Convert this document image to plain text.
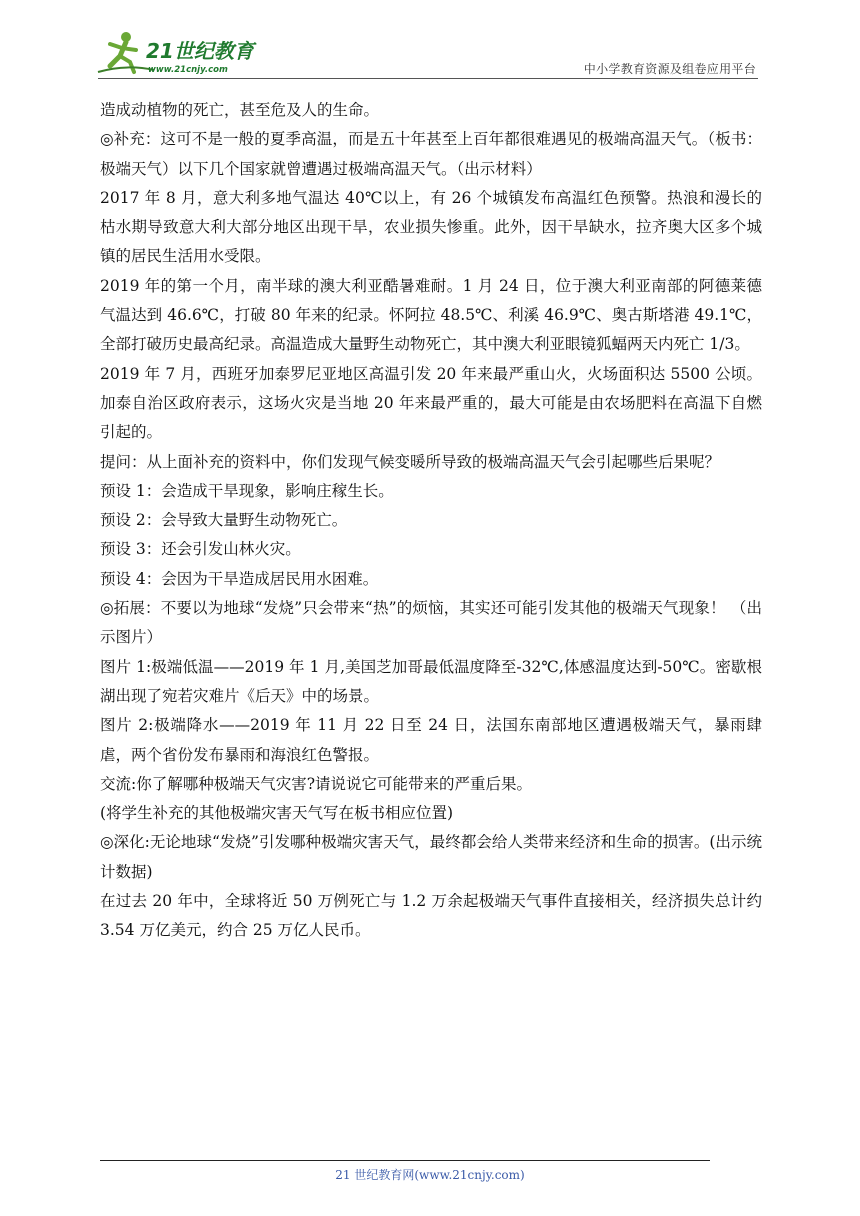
21世纪教育
www.21cnjy.com	中小学教育资源及组卷应用平台

造成动植物的死亡，甚至危及人的生命。

◎补充：这可不是一般的夏季高温，而是五十年甚至上百年都很难遇见的极端高温天气。（板书：极端天气）以下几个国家就曾遭遇过极端高温天气。（出示材料）

2017 年 8 月，意大利多地气温达 40℃以上，有 26 个城镇发布高温红色预警。热浪和漫长的枯水期导致意大利大部分地区出现干旱，农业损失惨重。此外，因干旱缺水，拉齐奥大区多个城镇的居民生活用水受限。

2019 年的第一个月，南半球的澳大利亚酷暑难耐。1 月 24 日，位于澳大利亚南部的阿德莱德气温达到 46.6℃，打破 80 年来的纪录。怀阿拉 48.5℃、利溪 46.9℃、奥古斯塔港 49.1℃，全部打破历史最高纪录。高温造成大量野生动物死亡，其中澳大利亚眼镜狐蝠两天内死亡 1/3。

2019 年 7 月，西班牙加泰罗尼亚地区高温引发 20 年来最严重山火，火场面积达 5500 公顷。加泰自治区政府表示，这场火灾是当地 20 年来最严重的，最大可能是由农场肥料在高温下自燃引起的。

提问：从上面补充的资料中，你们发现气候变暖所导致的极端高温天气会引起哪些后果呢？

预设 1：会造成干旱现象，影响庄稼生长。

预设 2：会导致大量野生动物死亡。

预设 3：还会引发山林火灾。

预设 4：会因为干旱造成居民用水困难。

◎拓展：不要以为地球“发烧”只会带来“热”的烦恼，其实还可能引发其他的极端天气现象！ （出示图片）

图片 1:极端低温——2019 年 1 月,美国芝加哥最低温度降至-32℃,体感温度达到-50℃。密歇根湖出现了宛若灾难片《后天》中的场景。

图片 2:极端降水——2019 年 11 月 22 日至 24 日，法国东南部地区遭遇极端天气，暴雨肆虐，两个省份发布暴雨和海浪红色警报。

交流:你了解哪种极端天气灾害?请说说它可能带来的严重后果。

(将学生补充的其他极端灾害天气写在板书相应位置)

◎深化:无论地球“发烧”引发哪种极端灾害天气，最终都会给人类带来经济和生命的损害。(出示统计数据)

在过去 20 年中，全球将近 50 万例死亡与 1.2 万余起极端天气事件直接相关，经济损失总计约 3.54 万亿美元，约合 25 万亿人民币。

21 世纪教育网(www.21cnjy.com)
